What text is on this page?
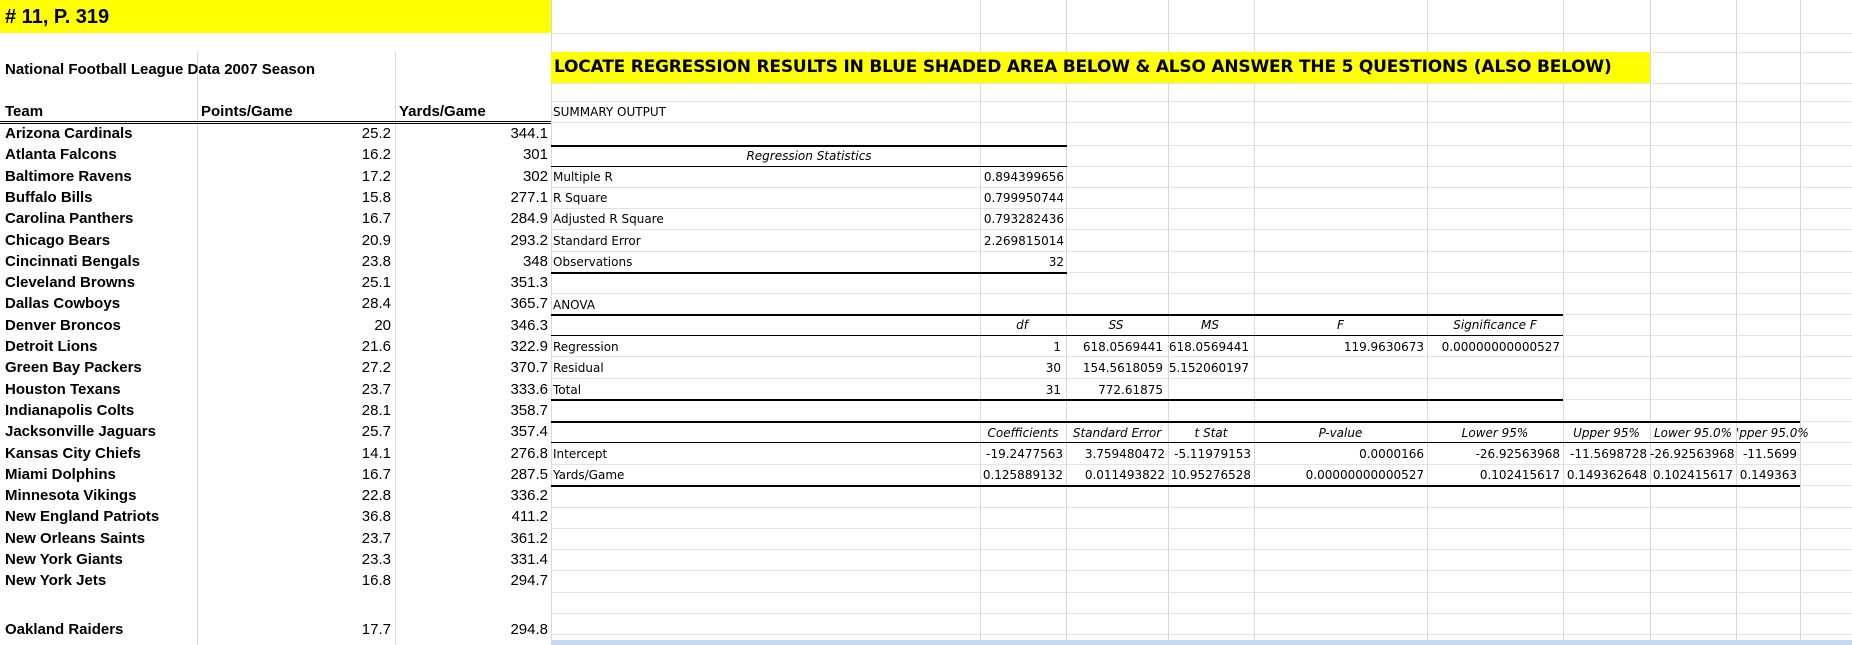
# 11, P. 319
National Football League Data 2007 Season	LOCATE REGRESSION RESULTS IN BLUE SHADED AREA BELOW & ALSO ANSWER THE 5 QUESTIONS (ALSO BELOW)
Team	Points/Game	Yards/Game
Arizona Cardinals	25.2	344.1
Atlanta Falcons	16.2	301
Baltimore Ravens	17.2	302
Buffalo Bills	15.8	277.1
Carolina Panthers	16.7	284.9
Chicago Bears	20.9	293.2
Cincinnati Bengals	23.8	348
Cleveland Browns	25.1	351.3
Dallas Cowboys	28.4	365.7
Denver Broncos	20	346.3
Detroit Lions	21.6	322.9
Green Bay Packers	27.2	370.7
Houston Texans	23.7	333.6
Indianapolis Colts	28.1	358.7
Jacksonville Jaguars	25.7	357.4
Kansas City Chiefs	14.1	276.8
Miami Dolphins	16.7	287.5
Minnesota Vikings	22.8	336.2
New England Patriots	36.8	411.2
New Orleans Saints	23.7	361.2
New York Giants	23.3	331.4
New York Jets	16.8	294.7
Oakland Raiders	17.7	294.8
SUMMARY OUTPUT
Regression Statistics
Multiple R	0.894399656
R Square	0.799950744
Adjusted R Square	0.793282436
Standard Error	2.269815014
Observations	32
ANOVA
df	SS	MS	F	Significance F
Regression	1	618.0569441 618.0569441	119.9630673	0.00000000000527
Residual	30	154.5618059 5.152060197
Total	31	772.61875
Coefficients	Standard Error	t Stat	P-value	Lower 95%	Upper 95%	Lower 95.0% 'pper 95.0%
Intercept	-19.2477563	3.759480472 -5.11979153	0.0000166	-26.92563968 -11.5698728 -26.92563968 -11.5699
Yards/Game	0.125889132	0.011493822 10.95276528	0.00000000000527	0.102415617 0.149362648 0.102415617 0.149363
